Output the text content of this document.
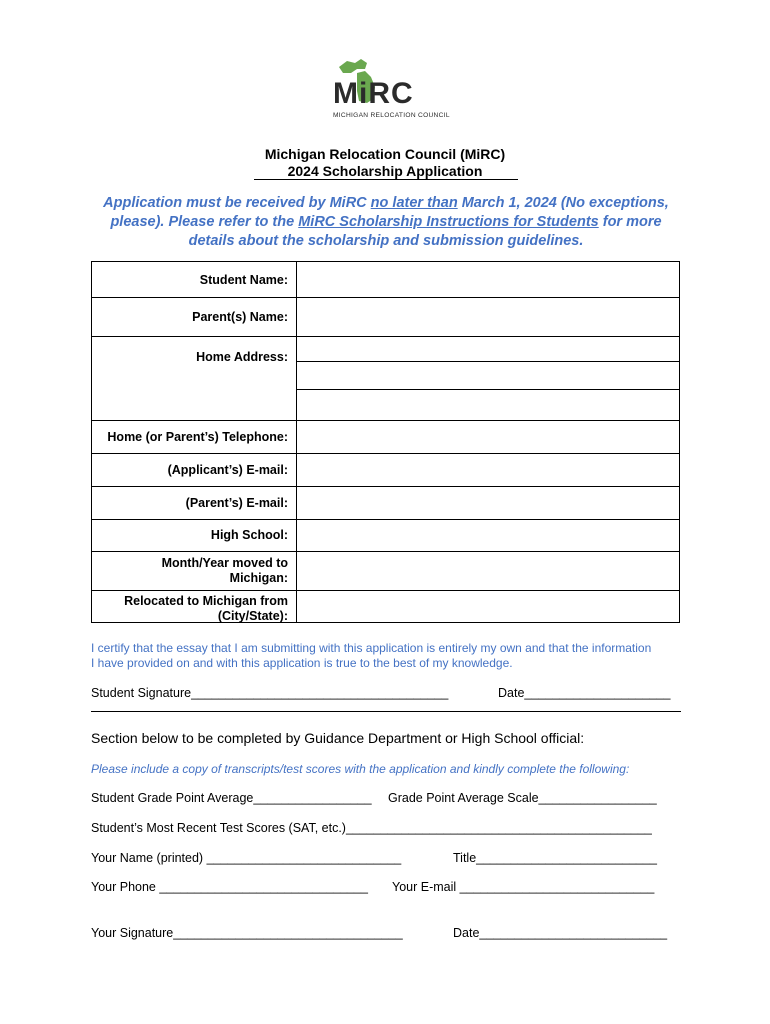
MiRC
MICHIGAN RELOCATION COUNCIL
Michigan Relocation Council (MiRC)
2024 Scholarship Application
Application must be received by MiRC no later than March 1, 2024 (No exceptions, please). Please refer to the MiRC Scholarship Instructions for Students for more details about the scholarship and submission guidelines.
Student Name:
Parent(s) Name:
Home Address:
Home (or Parent’s) Telephone:
(Applicant’s) E-mail:
(Parent’s) E-mail:
High School:
Month/Year moved to
Michigan:
Relocated to Michigan from
(City/State):
I certify that the essay that I am submitting with this application is entirely my own and that the information
I have provided on and with this application is true to the best of my knowledge.
Student Signature_____________________________________	Date_____________________
Section below to be completed by Guidance Department or High School official:
Please include a copy of transcripts/test scores with the application and kindly complete the following:
Student Grade Point Average_________________ Grade Point Average Scale_________________
Student’s Most Recent Test Scores (SAT, etc.)____________________________________________
Your Name (printed) ____________________________	Title__________________________
Your Phone ______________________________ Your E-mail ____________________________
Your Signature_________________________________	Date___________________________
